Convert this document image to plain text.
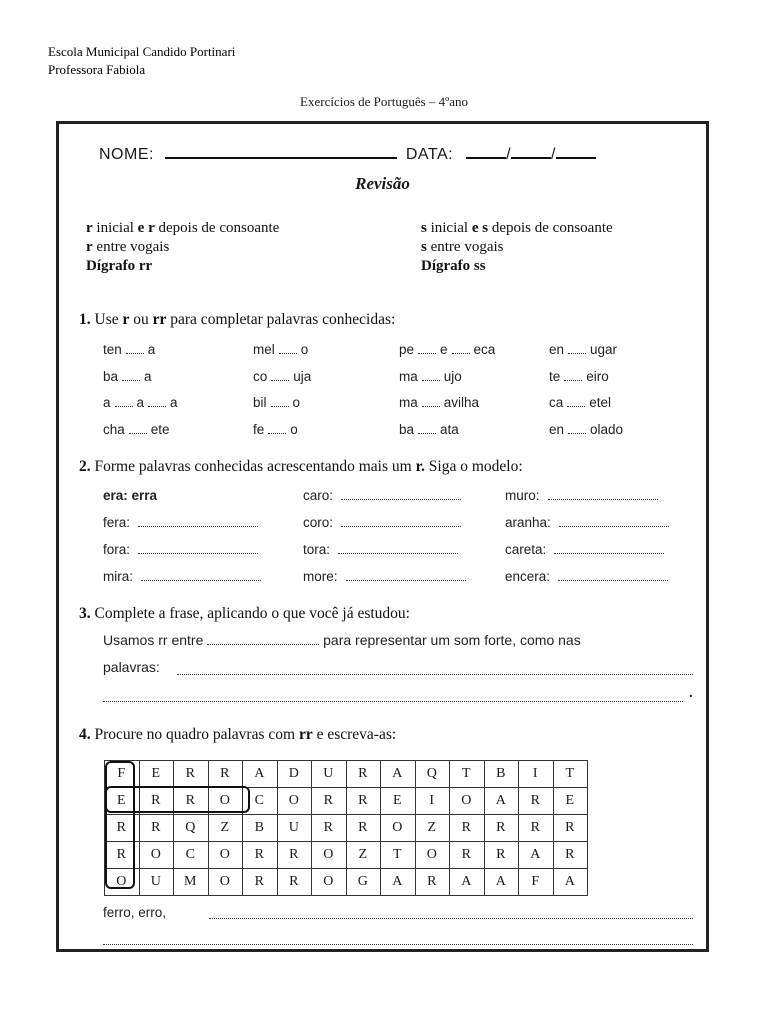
Escola Municipal Candido Portinari
Professora Fabiola
Exercícios de Português – 4ºano
NOME:	DATA:	/	/
Revisão
r inicial e r depois de consoante
r entre vogais
Dígrafo rr
s inicial e s depois de consoante
s entre vogais
Dígrafo ss
1. Use r ou rr para completar palavras conhecidas:
ten a	mel o	pe e eca	en ugar
ba a	co uja	ma ujo	te eiro
a a a	bil o	ma avilha	ca etel
cha ete	fe o	ba ata	en olado
2. Forme palavras conhecidas acrescentando mais um r. Siga o modelo:
era: erra	caro:	muro:
fera:	coro:	aranha:
fora:	tora:	careta:
mira:	more:	encera:
3. Complete a frase, aplicando o que você já estudou:
Usamos rr entre	para representar um som forte, como nas
palavras:
.
4. Procure no quadro palavras com rr e escreva-as:
F	E	R	R	A	D	U	R	A	Q	T	B	I	T
E	R	R	O	C	O	R	R	E	I	O	A	R	E
R	R	Q	Z	B	U	R	R	O	Z	R	R	R	R
R	O	C	O	R	R	O	Z	T	O	R	R	A	R
O	U	M	O	R	R	O	G	A	R	A	A	F	A
ferro, erro,
